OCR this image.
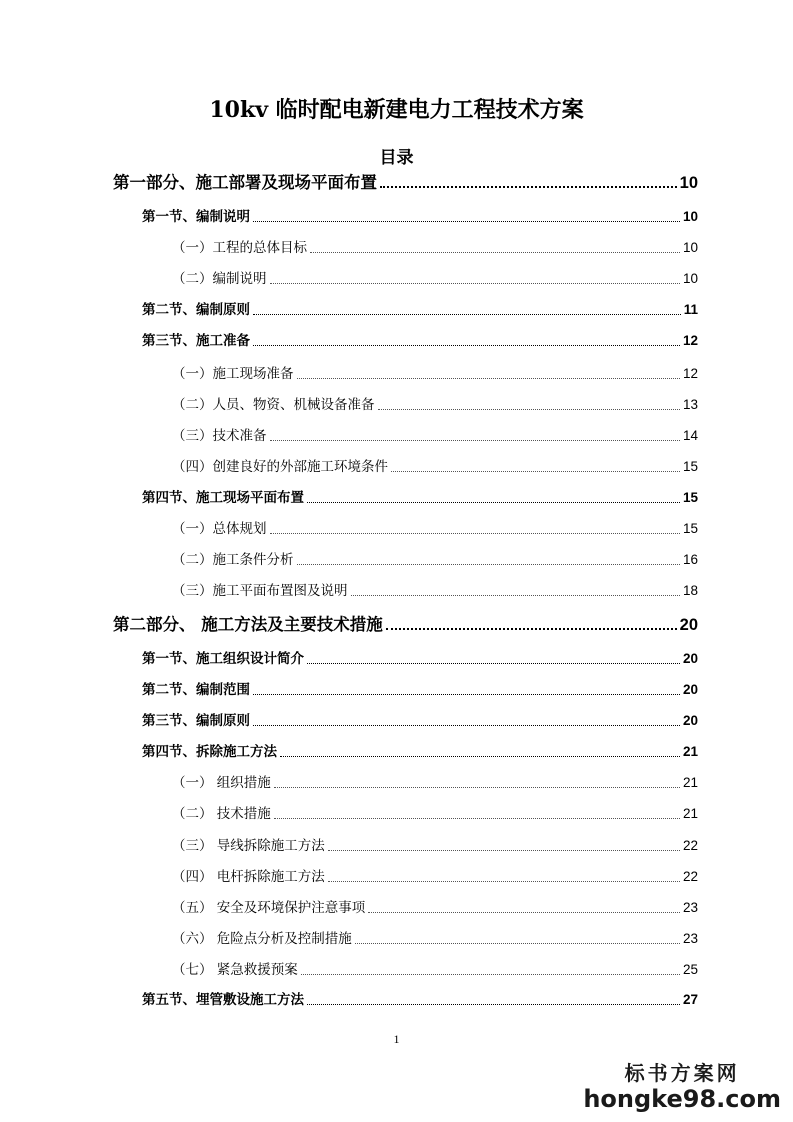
10kv 临时配电新建电力工程技术方案
目录
第一部分、施工部署及现场平面布置	10
第一节、编制说明	10
（一）工程的总体目标	10
（二）编制说明	10
第二节、编制原则	11
第三节、施工准备	12
（一）施工现场准备	12
（二）人员、物资、机械设备准备	13
（三）技术准备	14
（四）创建良好的外部施工环境条件	15
第四节、施工现场平面布置	15
（一）总体规划	15
（二）施工条件分析	16
（三）施工平面布置图及说明	18
第二部分、 施工方法及主要技术措施	20
第一节、施工组织设计简介	20
第二节、编制范围	20
第三节、编制原则	20
第四节、拆除施工方法	21
（一） 组织措施	21
（二） 技术措施	21
（三） 导线拆除施工方法	22
（四） 电杆拆除施工方法	22
（五） 安全及环境保护注意事项	23
（六） 危险点分析及控制措施	23
（七） 紧急救援预案	25
第五节、埋管敷设施工方法	27
1
标书方案网
hongke98.com
